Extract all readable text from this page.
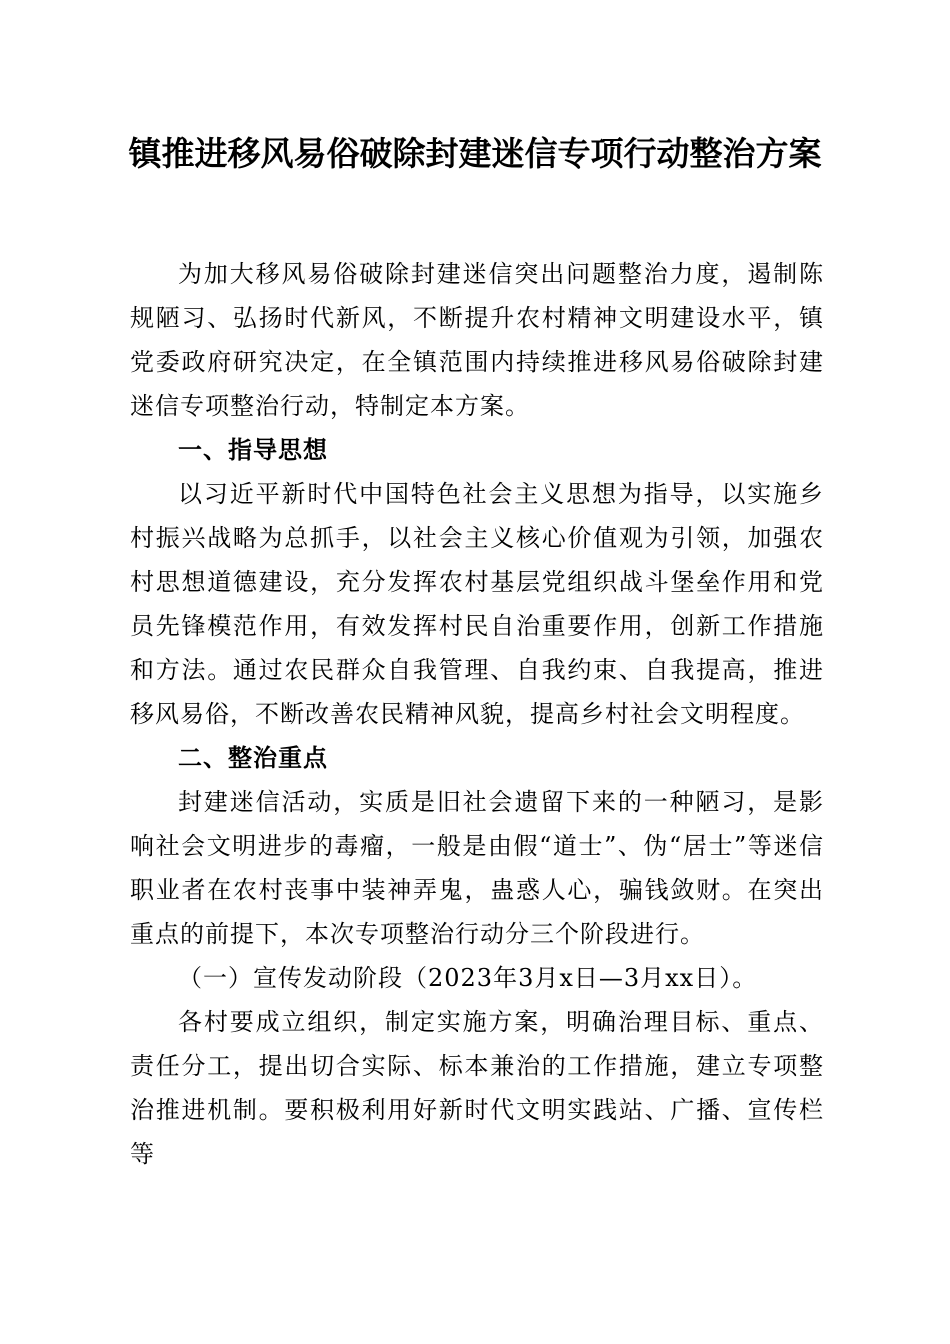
镇推进移风易俗破除封建迷信专项行动整治方案

为加大移风易俗破除封建迷信突出问题整治力度，遏制陈规陋习、弘扬时代新风，不断提升农村精神文明建设水平，镇党委政府研究决定，在全镇范围内持续推进移风易俗破除封建迷信专项整治行动，特制定本方案。

一、指导思想

以习近平新时代中国特色社会主义思想为指导，以实施乡村振兴战略为总抓手，以社会主义核心价值观为引领，加强农村思想道德建设，充分发挥农村基层党组织战斗堡垒作用和党员先锋模范作用，有效发挥村民自治重要作用，创新工作措施和方法。通过农民群众自我管理、自我约束、自我提高，推进移风易俗，不断改善农民精神风貌，提高乡村社会文明程度。

二、整治重点

封建迷信活动，实质是旧社会遗留下来的一种陋习，是影响社会文明进步的毒瘤，一般是由假“道士”、伪“居士”等迷信职业者在农村丧事中装神弄鬼，蛊惑人心，骗钱敛财。在突出重点的前提下，本次专项整治行动分三个阶段进行。

（一）宣传发动阶段（2023年3月x日—3月xx日）。

各村要成立组织，制定实施方案，明确治理目标、重点、责任分工，提出切合实际、标本兼治的工作措施，建立专项整治推进机制。要积极利用好新时代文明实践站、广播、宣传栏等
